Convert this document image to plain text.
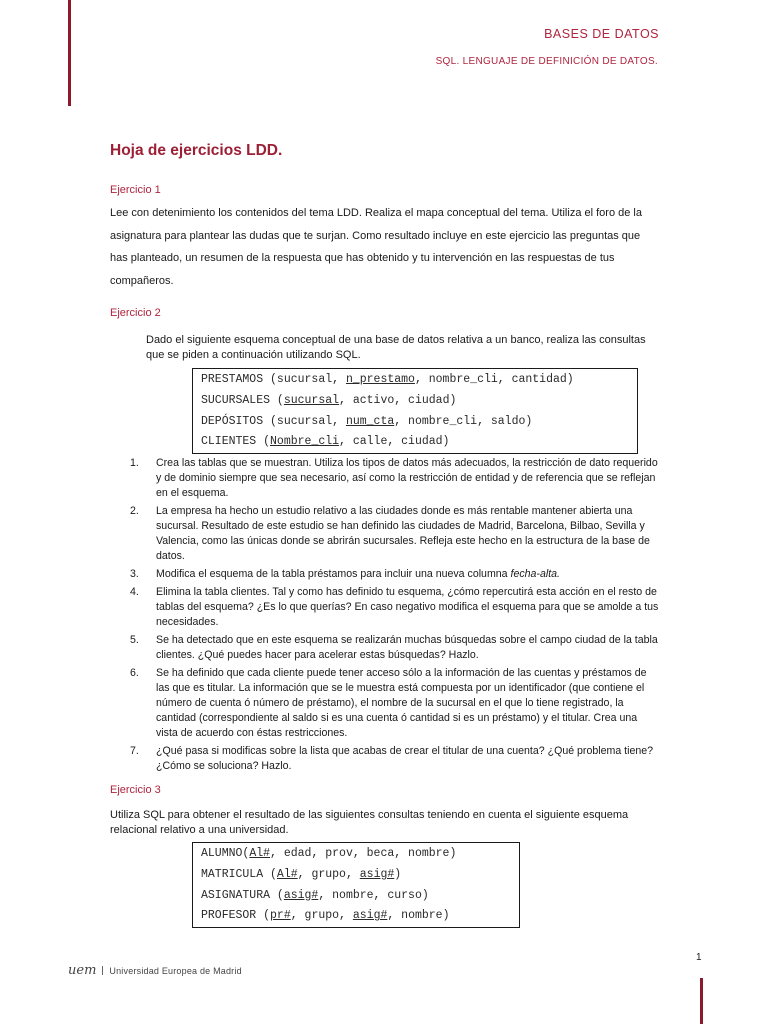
BASES DE DATOS
SQL. LENGUAJE DE DEFINICIÓN DE DATOS.
Hoja de ejercicios LDD.
Ejercicio 1
Lee con detenimiento los contenidos del tema LDD. Realiza el mapa conceptual del tema. Utiliza el foro de la asignatura para plantear las dudas que te surjan. Como resultado incluye en este ejercicio las preguntas que has planteado, un resumen de la respuesta que has obtenido y tu intervención en las respuestas de tus compañeros.
Ejercicio 2
Dado el siguiente esquema conceptual de una base de datos relativa a un banco, realiza las consultas que se piden a continuación utilizando SQL.
PRESTAMOS (sucursal, n_prestamo, nombre_cli, cantidad)
SUCURSALES (sucursal, activo, ciudad)
DEPÓSITOS (sucursal, num_cta, nombre_cli, saldo)
CLIENTES (Nombre_cli, calle, ciudad)
1. Crea las tablas que se muestran. Utiliza los tipos de datos más adecuados, la restricción de dato requerido y de dominio siempre que sea necesario, así como la restricción de entidad y de referencia que se reflejan en el esquema.
2. La empresa ha hecho un estudio relativo a las ciudades donde es más rentable mantener abierta una sucursal. Resultado de este estudio se han definido las ciudades de Madrid, Barcelona, Bilbao, Sevilla y Valencia, como las únicas donde se abrirán sucursales. Refleja este hecho en la estructura de la base de datos.
3. Modifica el esquema de la tabla préstamos para incluir una nueva columna fecha-alta.
4. Elimina la tabla clientes. Tal y como has definido tu esquema, ¿cómo repercutirá esta acción en el resto de tablas del esquema? ¿Es lo que querías? En caso negativo modifica el esquema para que se amolde a tus necesidades.
5. Se ha detectado que en este esquema se realizarán muchas búsquedas sobre el campo ciudad de la tabla clientes. ¿Qué puedes hacer para acelerar estas búsquedas? Hazlo.
6. Se ha definido que cada cliente puede tener acceso sólo a la información de las cuentas y préstamos de las que es titular. La información que se le muestra está compuesta por un identificador (que contiene el número de cuenta ó número de préstamo), el nombre de la sucursal en el que lo tiene registrado, la cantidad (correspondiente al saldo si es una cuenta ó cantidad si es un préstamo) y el titular. Crea una vista de acuerdo con éstas restricciones.
7. ¿Qué pasa si modificas sobre la lista que acabas de crear el titular de una cuenta? ¿Qué problema tiene? ¿Cómo se soluciona? Hazlo.
Ejercicio 3
Utiliza SQL para obtener el resultado de las siguientes consultas teniendo en cuenta el siguiente esquema relacional relativo a una universidad.
ALUMNO(Al#, edad, prov, beca, nombre)
MATRICULA (Al#, grupo, asig#)
ASIGNATURA (asig#, nombre, curso)
PROFESOR (pr#, grupo, asig#, nombre)
uem Universidad Europea de Madrid
1
